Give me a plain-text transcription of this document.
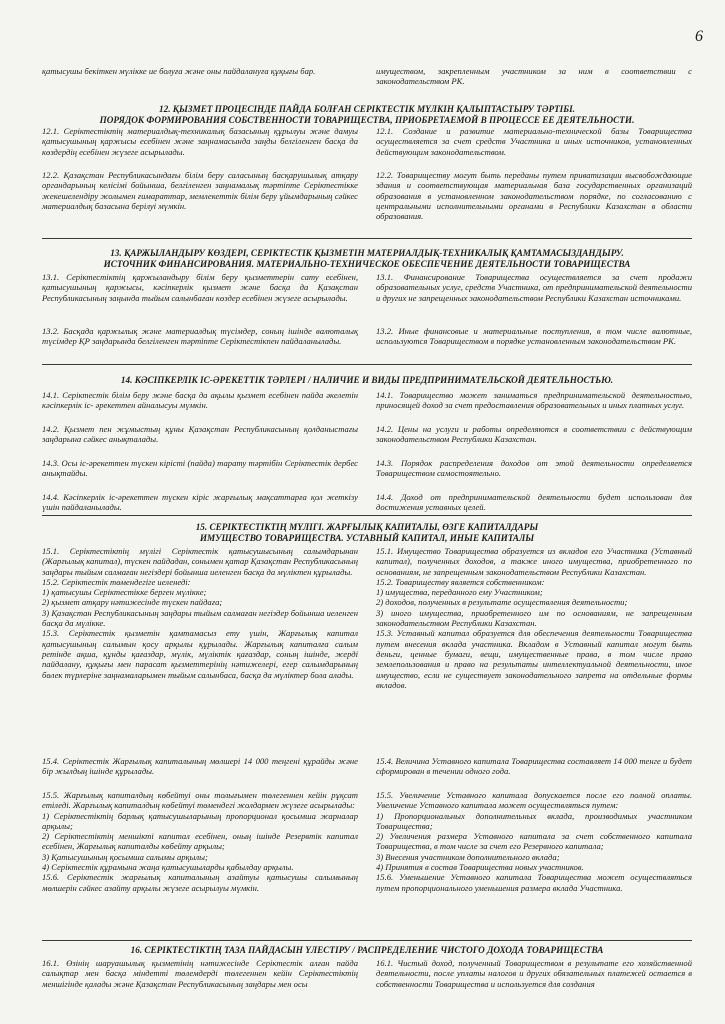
6

қатысушы бекіткен мүлікке ие болуға және оны пайдалануға құқығы бар.	имуществом, закрепленным участником за ним в соответствии с законодательством РК.

12. ҚЫЗМЕТ ПРОЦЕСІНДЕ ПАЙДА БОЛҒАН СЕРІКТЕСТІК МҮЛКІН ҚАЛЫПТАСТЫРУ ТӘРТІБІ.
ПОРЯДОК ФОРМИРОВАНИЯ СОБСТВЕННОСТИ ТОВАРИЩЕСТВА, ПРИОБРЕТАЕМОЙ В ПРОЦЕССЕ ЕЕ ДЕЯТЕЛЬНОСТИ.

12.1. Серіктестіктің материалдық-техникалық базасының құрылуы және дамуы қатысушының қаржысы есебінен және заңнамасында заңды белгіленген басқа да көздердің есебінен жүзеге асырылады.

12.1. Создание и развитие материально-технической базы Товарищества осуществляется за счет средств Участника и иных источников, установленных действующим законодательством.

12.2. Қазақстан Республикасындағы білім беру саласының басқарушылық атқару органдарының келісімі бойынша, белгіленген заңнамалық тәртіпте Серіктестікке жекешелендіру жолымен ғимараттар, мемлекеттік білім беру ұйымдарының сәйкес материалдық базасына берілуі мүмкін.

12.2. Товариществу могут быть переданы путем приватизации высвобождающие здания и соответствующая материальная база государственных организаций образования в установленном законодательством порядке, по согласованию с центральными исполнительными органами в Республики Казахстан в области образования.

13. ҚАРЖЫЛАНДЫРУ КӨЗДЕРІ, СЕРІКТЕСТІК ҚЫЗМЕТІН МАТЕРИАЛДЫҚ-ТЕХНИКАЛЫҚ ҚАМТАМАСЫЗДАНДЫРУ.
ИСТОЧНИК ФИНАНСИРОВАНИЯ. МАТЕРИАЛЬНО-ТЕХНИЧЕСКОЕ ОБЕСПЕЧЕНИЕ ДЕЯТЕЛЬНОСТИ ТОВАРИЩЕСТВА

13.1. Серіктестіктің қаржыландыру білім беру қызметтерін сату есебінен, қатысушының қаржысы, кәсіпкерлік қызмет және басқа да Қазақстан Республикасының заңында тыйым салынбаған көздер есебінен жүзеге асырылады.

13.1. Финансирование Товарищества осуществляется за счет продажи образовательных услуг, средств Участника, от предпринимательской деятельности и других не запрещенных законодательством Республики Казахстан источниками.

13.2. Басқада қаржылық және материалдық түсімдер, соның ішінде валюталық түсімдер ҚР заңдарында белгіленген тәртіпте Серіктестікпен пайдаланылады.

13.2. Иные финансовые и материальные поступления, в том числе валютные, используются Товариществом в порядке установленным законодательством РК.

14. КӘСІПКЕРЛІК ІС-ӘРЕКЕТТІК ТӘРЛЕРІ / НАЛИЧИЕ И ВИДЫ ПРЕДПРИНИМАТЕЛЬСКОЙ ДЕЯТЕЛЬНОСТЬЮ.

14.1. Серіктестік білім беру және басқа да ақылы қызмет есебінен пайда әкелетін кәсіпкерлік іс- әрекеттен айналысуы мүмкін.

14.1. Товарищество может заниматься предпринимательской деятельностью, приносящей доход за счет предоставления образовательных и иных платных услуг.

14.2. Қызмет пен жұмыстың құны Қазақстан Республикасының қолданыстағы заңдарына сәйкес анықталады.

14.2. Цены на услуги и работы определяются в соответствии с действующим законодательством Республики Казахстан.

14.3. Осы іс-әрекеттен түскен кірісті (пайда) тарату тәртібін Серіктестік дербес анықтайды.

14.3. Порядок распределения доходов от этой деятельности определяется Товариществом самостоятельно.

14.4. Кәсіпкерлік іс-әрекеттен түскен кіріс жарғылық мақсаттарға қол жеткізу үшін пайдаланылады.

14.4. Доход от предпринимательской деятельности будет использован для достижения уставных целей.

15. СЕРІКТЕСТІКТІҢ МҮЛІГІ. ЖАРҒЫЛЫҚ КАПИТАЛЫ, ӨЗГЕ КАПИТАЛДАРЫ
ИМУЩЕСТВО ТОВАРИЩЕСТВА. УСТАВНЫЙ КАПИТАЛ, ИНЫЕ КАПИТАЛЫ

15.1. Серіктестіктің мүлігі Серіктестік қатысушысының салымдарынан (Жарғылық капитал), түскен пайдадан, сонымен қатар Қазақстан Республикасының заңдары тыйым салмаған негіздері бойынша иеленген басқа да мүліктен құрылады.
15.2. Серіктестік төмендегіге иеленеді:
1) қатысушы Серіктестікке берген мүлікке;
2) қызмет атқару нәтижесінде түскен пайдаға;
3) Қазақстан Республикасының заңдары тыйым салмаған негіздер бойынша иеленген басқа да мүлікке.
15.3. Серіктестік қызметін қамтамасыз ету үшін, Жарғылық капитал қатысушының салымын қосу арқылы құрылады. Жарғылық капиталға салым ретінде ақша, құнды қағаздар, мүлік, мүліктік қағаздар, соның ішінде, жерді пайдалану, құқығы мен парасат қызметтерінің нәтижелері, егер салымдарының бөлек түрлеріне заңнамаларымен тыйым салынбаса, басқа да мүліктер бола алады.

15.1. Имущество Товарищества образуется из вкладов его Участника (Уставный капитал), полученных доходов, а также иного имущества, приобретенного по основаниям, не запрещенным законодательством Республики Казахстан.
15.2. Товариществу является собственником:
1) имущества, переданного ему Участником;
2) доходов, полученных в результате осуществления деятельности;
3) иного имущества, приобретенного им по основаниям, не запрещенным законодательством Республики Казахстан.
15.3. Уставный капитал образуется для обеспечения деятельности Товарищества путем внесения вклада участника. Вкладом в Уставный капитал могут быть деньги, ценные бумаги, вещи, имущественные права, в том числе право землепользования и право на результаты интеллектуальной деятельности, иное имущество, если не существует законодательного запрета на отдельные формы вкладов.

15.4. Серіктестік Жарғылық капиталының мөлшері 14 000 теңгені құрайды және бір жылдың ішінде құрылады.

15.4. Величина Уставного капитала Товарищества составляет 14 000 тенге и будет сформирован в течении одного года.

15.5. Жарғылық капиталдың көбейтуі оны толығымен төлегеннен кейін рұқсат етіледі. Жарғылық капиталдың көбейтуі төмендегі жолдармен жүзеге асырылады:
1) Серіктестіктің барлық қатысушыларының пропорционал қосымша жарналар арқылы;
2) Серіктестіктің меншікті капитал есебінен, оның ішінде Резервтік капитал есебінен, Жарғылық капиталды көбейту арқылы;
3) Қатысушының қосымша салымы арқылы;
4) Серіктестік құрамына жаңа қатысушыларды қабылдау арқылы.
15.6. Серіктестік жарғылық капиталының азайтуы қатысушы салымының мөлшерін сәйкес азайту арқылы жүзеге асырылуы мүмкін.

15.5. Увеличение Уставного капитала допускается после его полной оплаты. Увеличение Уставного капитала может осуществляться путем:
1) Пропорциональных дополнительных вклада, производимых участником Товарищества;
2) Увеличения размера Уставного капитала за счет собственного капитала Товарищества, в том числе за счет его Резервного капитала;
3) Внесения участником дополнительного вклада;
4) Принятия в состав Товарищества новых участников.
15.6. Уменьшение Уставного капитала Товарищества может осуществляться путем пропорционального уменьшения размера вклада Участника.

16. СЕРІКТЕСТІКТІҢ ТАЗА ПАЙДАСЫН ҮЛЕСТІРУ / РАСПРЕДЕЛЕНИЕ ЧИСТОГО ДОХОДА ТОВАРИЩЕСТВА

16.1. Өзінің шаруашылық қызметінің нәтижесінде Серіктестік алған пайда салықтар мен басқа міндетті төлемдерді төлегеннен кейін Серіктестіктің меншігінде қалады және Қазақстан Республикасының заңдары мен осы

16.1. Чистый доход, полученный Товариществом в результате его хозяйственной деятельности, после уплаты налогов и других обязательных платежей остается в собственности Товарищества и используется для создания
